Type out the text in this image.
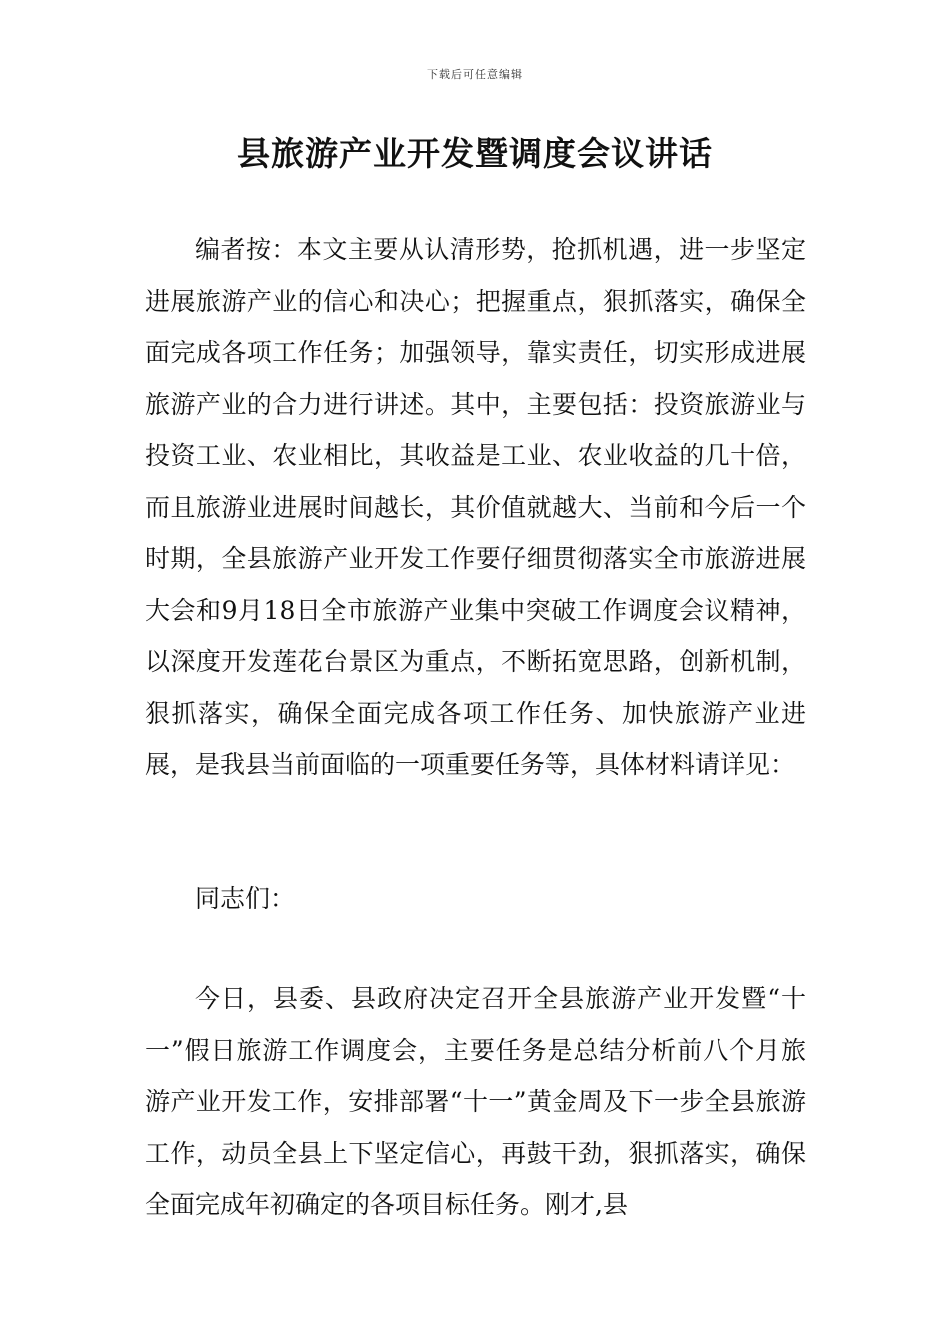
下载后可任意编辑
县旅游产业开发暨调度会议讲话

编者按：本文主要从认清形势，抢抓机遇，进一步坚定进展旅游产业的信心和决心；把握重点，狠抓落实，确保全面完成各项工作任务；加强领导，靠实责任，切实形成进展旅游产业的合力进行讲述。其中，主要包括：投资旅游业与投资工业、农业相比，其收益是工业、农业收益的几十倍，而且旅游业进展时间越长，其价值就越大、当前和今后一个时期，全县旅游产业开发工作要仔细贯彻落实全市旅游进展大会和9月18日全市旅游产业集中突破工作调度会议精神，以深度开发莲花台景区为重点，不断拓宽思路，创新机制，狠抓落实，确保全面完成各项工作任务、加快旅游产业进展，是我县当前面临的一项重要任务等，具体材料请详见：

同志们：

今日，县委、县政府决定召开全县旅游产业开发暨“十一”假日旅游工作调度会，主要任务是总结分析前八个月旅游产业开发工作，安排部署“十一”黄金周及下一步全县旅游工作，动员全县上下坚定信心，再鼓干劲，狠抓落实，确保全面完成年初确定的各项目标任务。刚才,县
